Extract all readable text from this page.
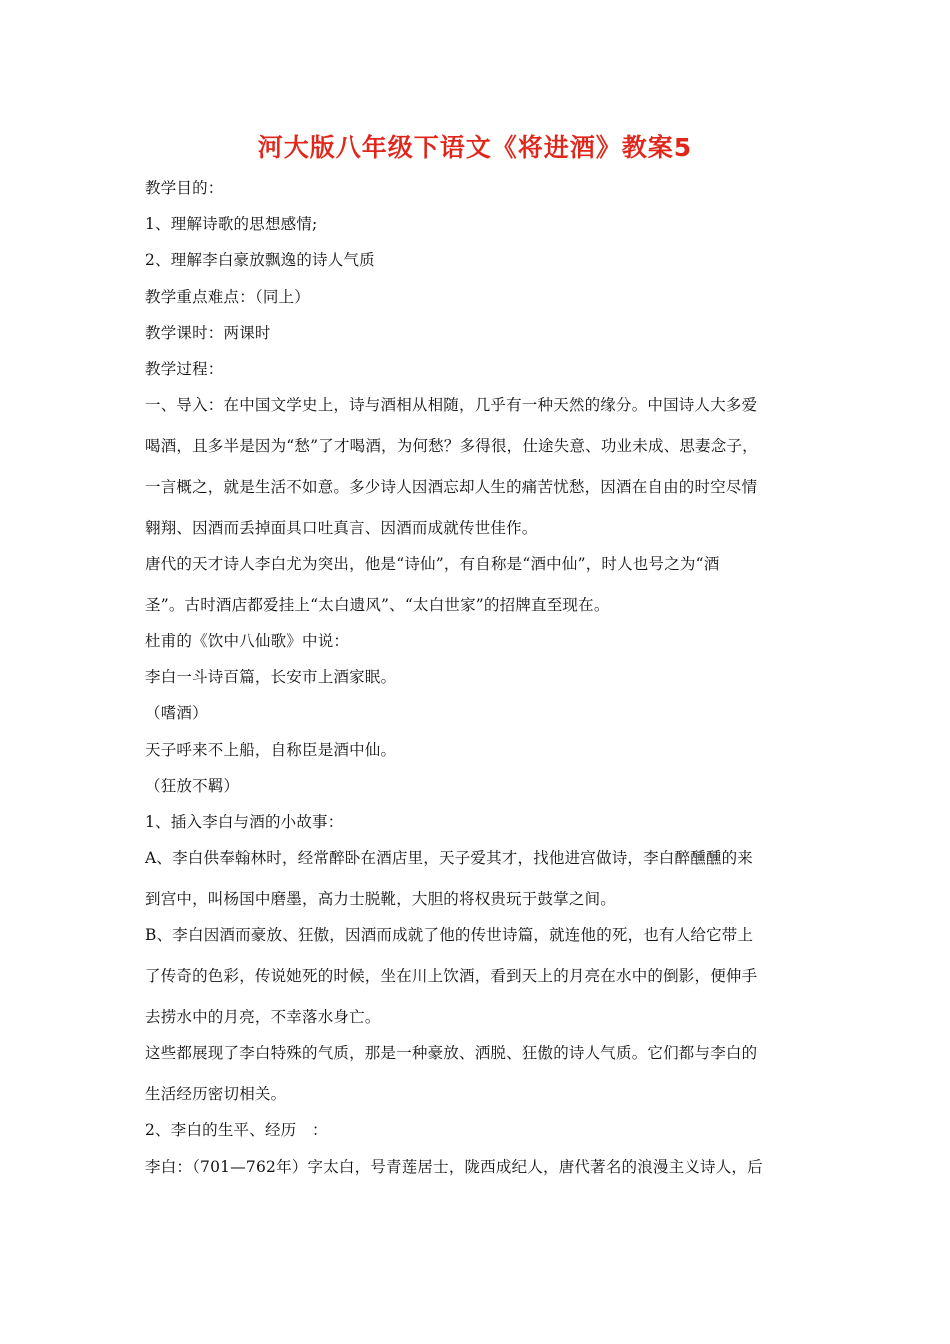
河大版八年级下语文《将进酒》教案5
教学目的：
1、理解诗歌的思想感情;
2、理解李白豪放飘逸的诗人气质
教学重点难点：（同上）
教学课时：两课时
教学过程：
一、导入：在中国文学史上，诗与酒相从相随，几乎有一种天然的缘分。中国诗人大多爱
喝酒，且多半是因为“愁”了才喝酒，为何愁？多得很，仕途失意、功业未成、思妻念子，
一言概之，就是生活不如意。多少诗人因酒忘却人生的痛苦忧愁，因酒在自由的时空尽情
翱翔、因酒而丢掉面具口吐真言、因酒而成就传世佳作。
唐代的天才诗人李白尤为突出，他是“诗仙”，有自称是“酒中仙”，时人也号之为“酒
圣”。古时酒店都爱挂上“太白遗风”、“太白世家”的招牌直至现在。
杜甫的《饮中八仙歌》中说：
李白一斗诗百篇，长安市上酒家眠。
（嗜酒）
天子呼来不上船，自称臣是酒中仙。
（狂放不羁）
1、插入李白与酒的小故事：
A、李白供奉翰林时，经常醉卧在酒店里，天子爱其才，找他进宫做诗，李白醉醺醺的来
到宫中，叫杨国中磨墨，高力士脱靴，大胆的将权贵玩于鼓掌之间。
B、李白因酒而豪放、狂傲，因酒而成就了他的传世诗篇，就连他的死，也有人给它带上
了传奇的色彩，传说她死的时候，坐在川上饮酒，看到天上的月亮在水中的倒影，便伸手
去捞水中的月亮，不幸落水身亡。
这些都展现了李白特殊的气质，那是一种豪放、洒脱、狂傲的诗人气质。它们都与李白的
生活经历密切相关。
2、李白的生平、经历　：
李白：（701—762年）字太白，号青莲居士，陇西成纪人，唐代著名的浪漫主义诗人，后
